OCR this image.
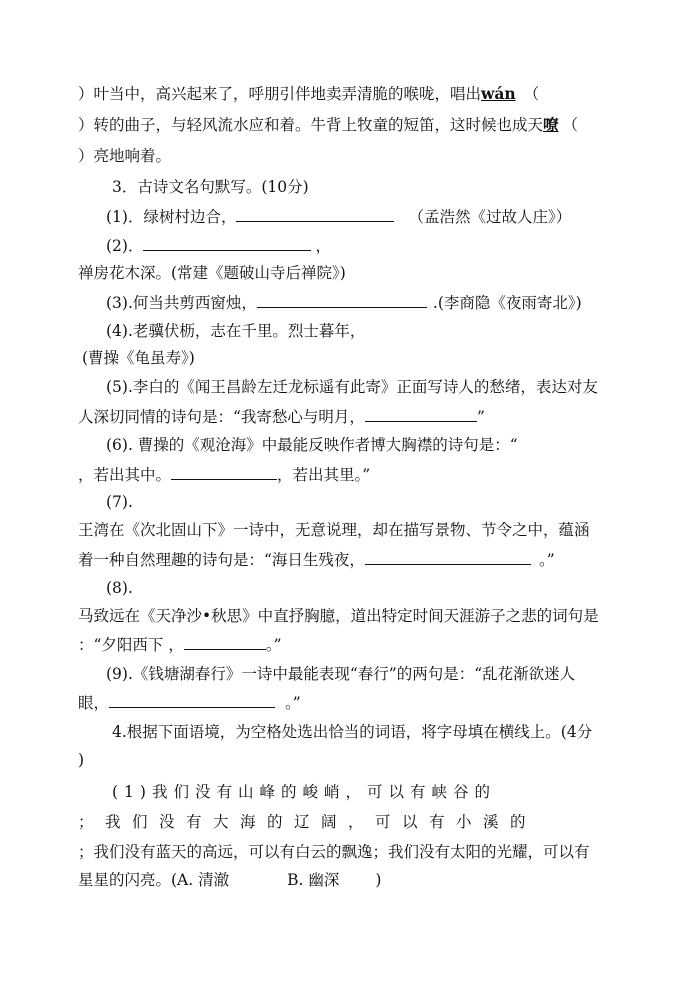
）叶当中，高兴起来了，呼朋引伴地卖弄清脆的喉咙，唱出wán （
）转的曲子，与轻风流水应和着。牛背上牧童的短笛，这时候也成天嘹 （
）亮地响着。
3．古诗文名句默写。(10分)
(1)．绿树村边合，	（孟浩然《过故人庄》）
(2)．	，
禅房花木深。(常建《题破山寺后禅院》)
(3).何当共剪西窗烛，	.(李商隐《夜雨寄北》)
(4).老骥伏枥，志在千里。烈士暮年，
(曹操《龟虽寿》)
(5).李白的《闻王昌龄左迁龙标遥有此寄》正面写诗人的愁绪，表达对友
人深切同情的诗句是：“我寄愁心与明月，	”
(6). 曹操的《观沧海》中最能反映作者博大胸襟的诗句是：“
，若出其中。	，若出其里。”
(7).
王湾在《次北固山下》一诗中，无意说理，却在描写景物、节令之中，蕴涵
着一种自然理趣的诗句是：“海日生残夜，	。”
(8).
马致远在《天净沙•秋思》中直抒胸臆，道出特定时间天涯游子之悲的词句是
：“夕阳西下 ，	。”
(9).《钱塘湖春行》一诗中最能表现“春行”的两句是：“乱花渐欲迷人
眼，	。”
4.根据下面语境，为空格处选出恰当的词语，将字母填在横线上。(4分
)
(1)我们没有山峰的峻峭，可以有峡谷的
；我们没有大海的辽阔，可以有小溪的
；我们没有蓝天的高远，可以有白云的飘逸；我们没有太阳的光耀，可以有
星星的闪亮。(A. 清澈	B. 幽深 )
